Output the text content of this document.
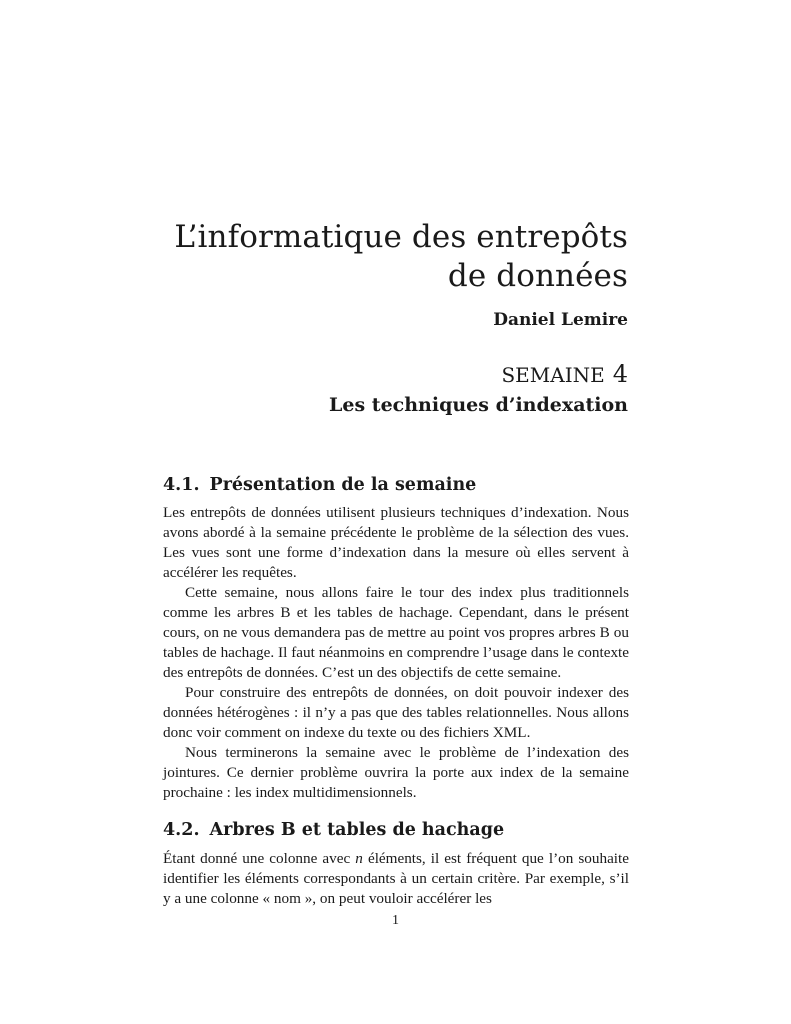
L’informatique des entrepôts
de données
Daniel Lemire
SEMAINE 4
Les techniques d’indexation
4.1. Présentation de la semaine

Les entrepôts de données utilisent plusieurs techniques d’indexation. Nous avons abordé à la semaine précédente le problème de la sélection des vues. Les vues sont une forme d’indexation dans la mesure où elles servent à accélérer les requêtes.

Cette semaine, nous allons faire le tour des index plus traditionnels comme les arbres B et les tables de hachage. Cependant, dans le présent cours, on ne vous demandera pas de mettre au point vos propres arbres B ou tables de hachage. Il faut néanmoins en comprendre l’usage dans le contexte des entrepôts de données. C’est un des objectifs de cette semaine.

Pour construire des entrepôts de données, on doit pouvoir indexer des données hétérogènes : il n’y a pas que des tables relationnelles. Nous allons donc voir comment on indexe du texte ou des fichiers XML.

Nous terminerons la semaine avec le problème de l’indexation des jointures. Ce dernier problème ouvrira la porte aux index de la semaine prochaine : les index multidimensionnels.

4.2. Arbres B et tables de hachage

Étant donné une colonne avec n éléments, il est fréquent que l’on souhaite identifier les éléments correspondants à un certain critère. Par exemple, s’il y a une colonne « nom », on peut vouloir accélérer les

1
